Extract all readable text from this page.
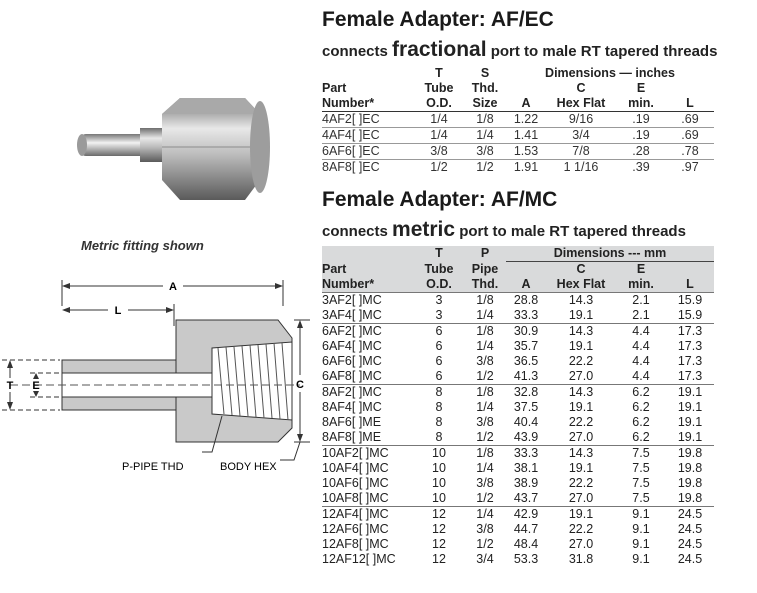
Metric fitting shown
A
L
T E	C
P-PIPE THD	BODY HEX
Female Adapter: AF/EC
connects fractional port to male RT tapered threads
	T	S	Dimensions — inches			
Part	Tube	Thd.		C	E	
Number*	O.D.	Size	A	Hex Flat	min.	L
4AF2[ ]EC	1/4	1/8	1.22	9/16	.19	.69
4AF4[ ]EC	1/4	1/4	1.41	3/4	.19	.69
6AF6[ ]EC	3/8	3/8	1.53	7/8	.28	.78
8AF8[ ]EC	1/2	1/2	1.91	1 1/16	.39	.97
Female Adapter: AF/MC
connects metric port to male RT tapered threads
	T	P	Dimensions --- mm			
Part	Tube	Pipe		C	E	
Number*	O.D.	Thd.	A	Hex Flat	min.	L
3AF2[ ]MC	3	1/8	28.8	14.3	2.1	15.9
3AF4[ ]MC	3	1/4	33.3	19.1	2.1	15.9
6AF2[ ]MC	6	1/8	30.9	14.3	4.4	17.3
6AF4[ ]MC	6	1/4	35.7	19.1	4.4	17.3
6AF6[ ]MC	6	3/8	36.5	22.2	4.4	17.3
6AF8[ ]MC	6	1/2	41.3	27.0	4.4	17.3
8AF2[ ]MC	8	1/8	32.8	14.3	6.2	19.1
8AF4[ ]MC	8	1/4	37.5	19.1	6.2	19.1
8AF6[ ]ME	8	3/8	40.4	22.2	6.2	19.1
8AF8[ ]ME	8	1/2	43.9	27.0	6.2	19.1
10AF2[ ]MC	10	1/8	33.3	14.3	7.5	19.8
10AF4[ ]MC	10	1/4	38.1	19.1	7.5	19.8
10AF6[ ]MC	10	3/8	38.9	22.2	7.5	19.8
10AF8[ ]MC	10	1/2	43.7	27.0	7.5	19.8
12AF4[ ]MC	12	1/4	42.9	19.1	9.1	24.5
12AF6[ ]MC	12	3/8	44.7	22.2	9.1	24.5
12AF8[ ]MC	12	1/2	48.4	27.0	9.1	24.5
12AF12[ ]MC	12	3/4	53.3	31.8	9.1	24.5
